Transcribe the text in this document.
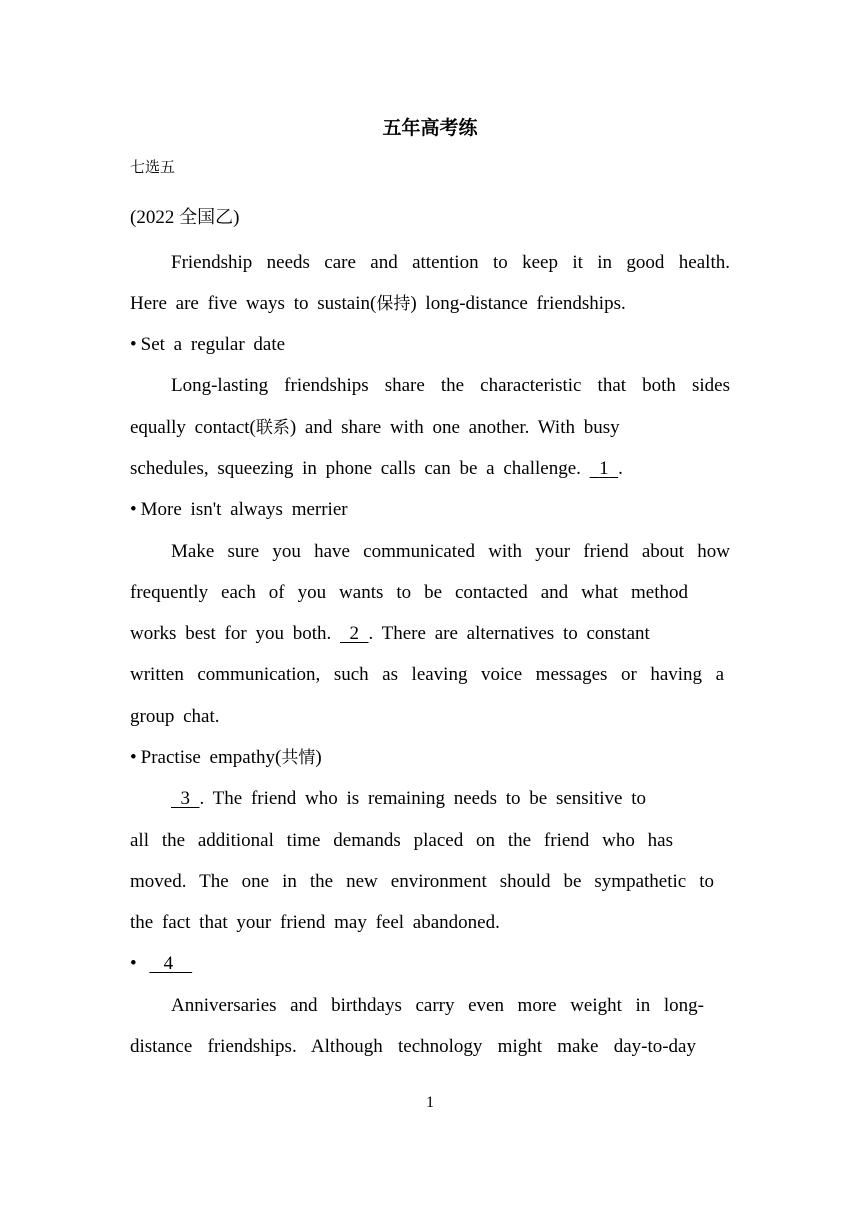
五年高考练
七选五
(2022 全国乙)
Friendship needs care and attention to keep it in good health.
Here are five ways to sustain(保持) long-distance friendships.
• Set a regular date
Long-lasting friendships share the characteristic that both sides
equally contact(联系) and share with one another. With busy
schedules, squeezing in phone calls can be a challenge. 1 .
• More isn't always merrier
Make sure you have communicated with your friend about how
frequently each of you wants to be contacted and what method
works best for you both. 2 . There are alternatives to constant
written communication, such as leaving voice messages or having a
group chat.
• Practise empathy(共情)
3 . The friend who is remaining needs to be sensitive to
all the additional time demands placed on the friend who has
moved. The one in the new environment should be sympathetic to
the fact that your friend may feel abandoned.
• 4
Anniversaries and birthdays carry even more weight in long-
distance friendships. Although technology might make day-to-day
1
